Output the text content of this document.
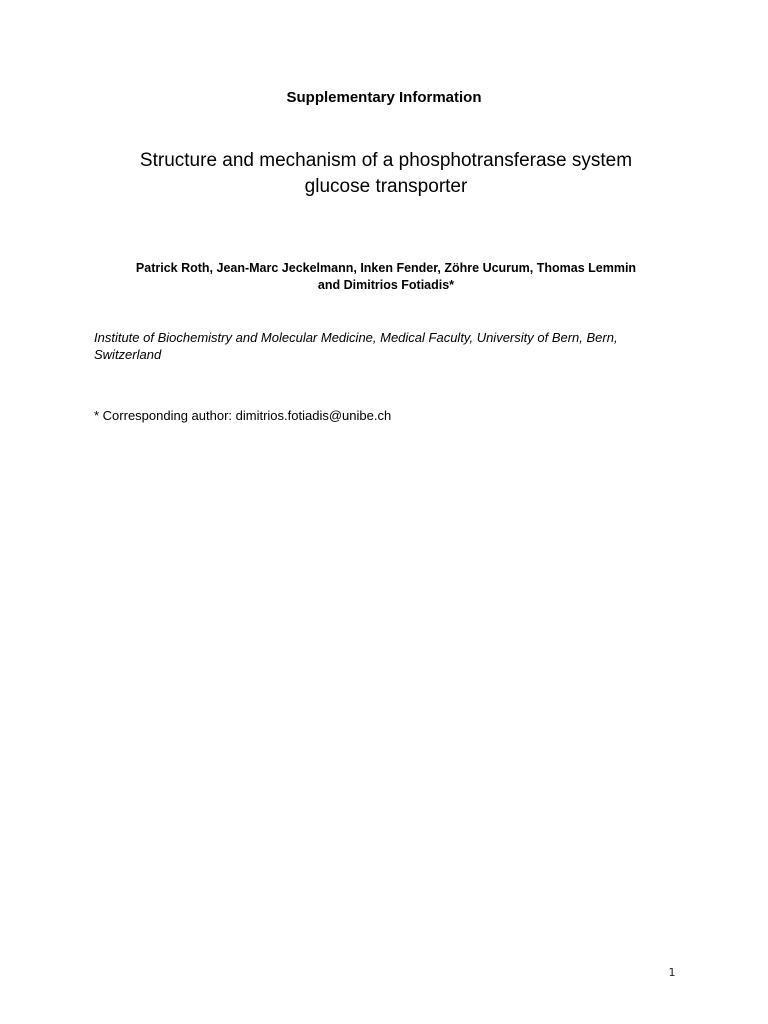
Supplementary Information
Structure and mechanism of a phosphotransferase system
glucose transporter
Patrick Roth, Jean-Marc Jeckelmann, Inken Fender, Zöhre Ucurum, Thomas Lemmin
and Dimitrios Fotiadis*
Institute of Biochemistry and Molecular Medicine, Medical Faculty, University of Bern, Bern,
Switzerland
* Corresponding author: dimitrios.fotiadis@unibe.ch
1
